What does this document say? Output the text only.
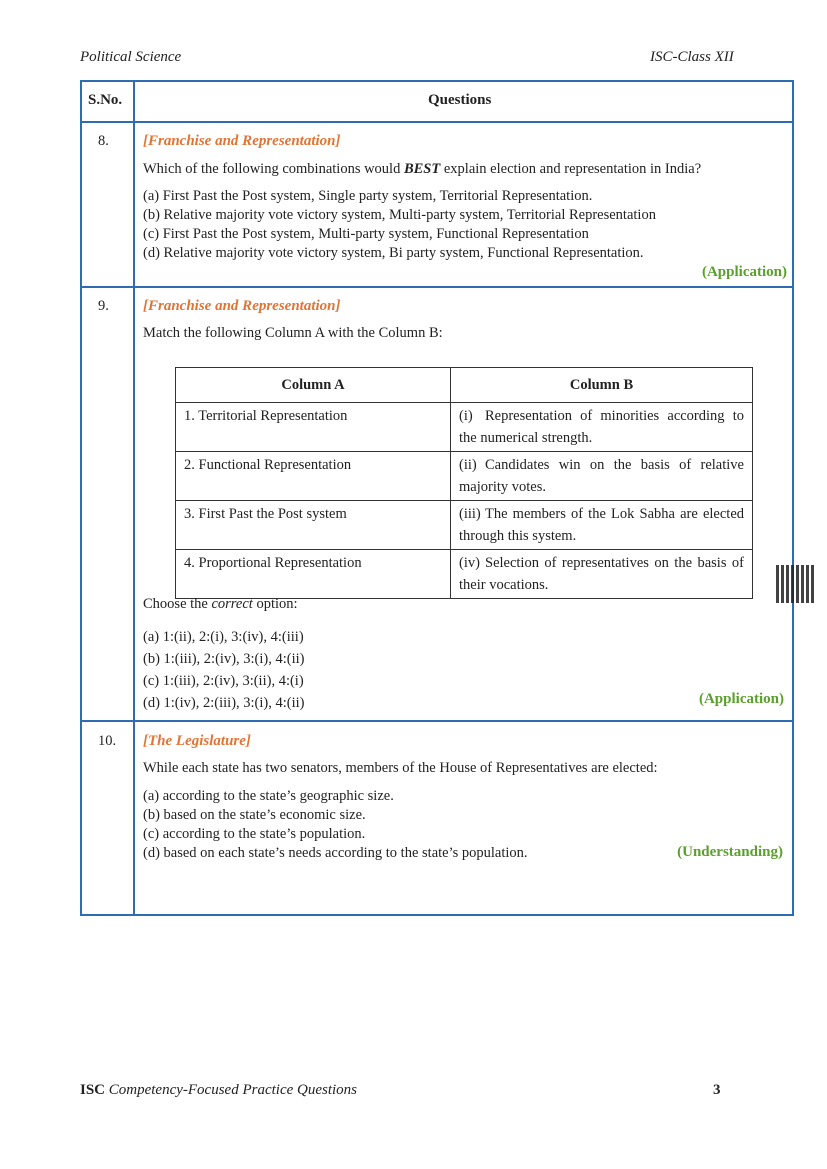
Political Science	ISC-Class XII
S.No.	Questions
8. [Franchise and Representation]
Which of the following combinations would BEST explain election and representation in India?
(a) First Past the Post system, Single party system, Territorial Representation.
(b) Relative majority vote victory system, Multi-party system, Territorial Representation
(c) First Past the Post system, Multi-party system, Functional Representation
(d) Relative majority vote victory system, Bi party system, Functional Representation.
(Application)
9. [Franchise and Representation]
Match the following Column A with the Column B:
Column A	Column B
1. Territorial Representation	(i) Representation of minorities according to the numerical strength.
2. Functional Representation	(ii) Candidates win on the basis of relative majority votes.
3. First Past the Post system	(iii) The members of the Lok Sabha are elected through this system.
4. Proportional Representation	(iv) Selection of representatives on the basis of their vocations.
Choose the correct option:
(a) 1:(ii), 2:(i), 3:(iv), 4:(iii)
(b) 1:(iii), 2:(iv), 3:(i), 4:(ii)
(c) 1:(iii), 2:(iv), 3:(ii), 4:(i)
(d) 1:(iv), 2:(iii), 3:(i), 4:(ii)	(Application)
10. [The Legislature]
While each state has two senators, members of the House of Representatives are elected:
(a) according to the state’s geographic size.
(b) based on the state’s economic size.
(c) according to the state’s population.
(d) based on each state’s needs according to the state’s population.	(Understanding)
ISC Competency-Focused Practice Questions	3
